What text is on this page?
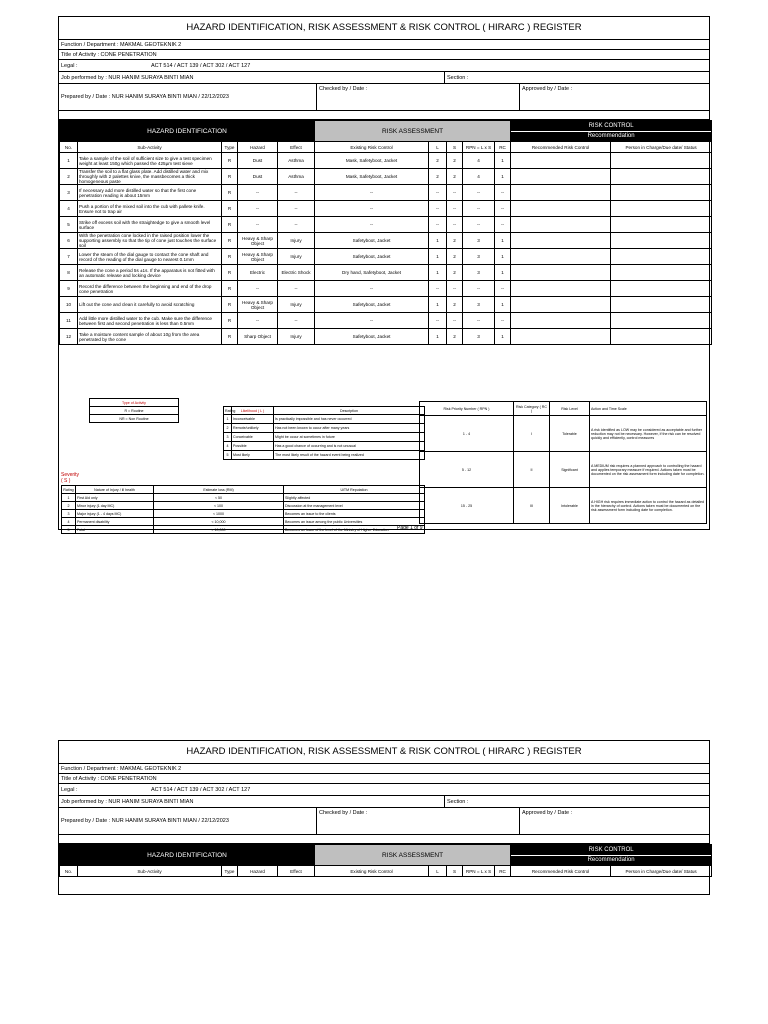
HAZARD IDENTIFICATION, RISK ASSESSMENT & RISK CONTROL ( HIRARC ) REGISTER
Function / Department : MAKMAL GEOTEKNIK 2
Title of Activity : CONE PENETRATION
Legal :	ACT 514 / ACT 139 / ACT 302 / ACT 127
Job performed by : NUR HANIM SURAYA BINTI MIAN	Section :
Prepared by / Date : NUR HANIM SURAYA BINTI MIAN / 22/12/2023
Checked by / Date :	Approved by / Date :
HAZARD IDENTIFICATION					RISK ASSESSMENT					RISK CONTROL
Recommendation	

No.	Sub-Activity	Type	Hazard	Effect	Existing Risk Control	L	S	RPN = L x S	RC	Recommended Risk Control	Person in Charge/Due date/ Status
1	Take a sample of the soil of sufficient size to give a test specimen weight at least 150g which passed the 425µm test sieve	R	Dust	Asthma	Mask, Safetyboot, Jacket	2	2	4	1		
2	Transfer the soil to a flat glass plate. Add distilled water and mix throughly with 2 palettes knive, the massbecomes a thick homogeneous paste	R	Dust	Asthma	Mask, Safetyboot, Jacket	2	2	4	1		
3	If necessary add more distilled water so that the first cone penetration reading is about 15mm	R	--	--	--	--	--	--	--		
4	Push a portion of the mixed soil into the cub with pallete knife. Ensure not to trap air	R	--	--	--	--	--	--	--		
5	Strike off excess soil with the straightedge to give a smooth level surface	R	--	--	--	--	--	--	--		
6	With the penetration cone locked in the raised position lower the supporting assembly so that the tip of cone just touches the surface soil	R	Heavy & Sharp Object	Injury	Safetyboot, Jacket	1	2	3	1		
7	Lower the steam of the dial gauge to contact the cone shaft and record of the reading of the dial gauge to nearest 0.1mm	R	Heavy & Sharp Object	Injury	Safetyboot, Jacket	1	2	3	1		
8	Release the cone a period 5s ±1s. If the apparatus is not fitted with an automatic release and locking device	R	Electric	Electric Shock	Dry hand, Safetyboot, Jacket	1	2	3	1		
9	Record the difference between the beginning and end of the drop cone penetration	R	--	--	--	--	--	--	--		
10	Lift out the cone and clean it carefully to avoid scratching	R	Heavy & Sharp Object	Injury	Safetyboot, Jacket	1	2	3	1		
11	Add little more distilled water to the cub. Make sure the difference between first and second penetration is less than 0.5mm	R	--	--	--	--	--	--	--		
12	Take a moisture content sample of about 10g from the area penetrated by the cone	R	Sharp Object	Injury	Safetyboot, Jacket	1	2	3	1		
Type of Activity
R = Routine
NR = Non Routine
Rating	Likelihood ( L )	Description
1	Inconceivable	Is practically impossible and has never occurred
2	Remote/unlikely	Has not been known to occur after many years
3	Conceivable	Might be occur at sometimes in future
4	Possible	Has a good chance of occurring and is not unusual
5	Most likely	The most likely result of the hazard event being realized
Severity ( S )
Rating	Nature of Injury / ill health	Estimate loss (RM)	UiTM Reputation
1	First Aid only	< 50	Slightly affected
2	Minor injury (1 day MC)	< 100	Discussion at the management level
3	Major injury (1 - 4 days MC)	< 1000	Becomes an issue to the clients
4	Permanent disability	< 10,000	Becomes an issue among the public Universities
5	Fatal	> 10,000	Becomes an issue of the level of the Ministry of Higher Education
Risk Priority Number ( RPN )	Risk Category ( RC )	Risk Level	Action and Time Scale
1 - 4	I	Tolerable	A risk identified as LOW may be considered as acceptable and further reduction may not be necessary. However, if the risk can be resolved quickly and efficiently, control measures
5 - 12	II	Significant	A MEDIUM risk requires a planned approach to controlling the hazard and applies temporary measure if required. Actions taken must be documented on the risk assessment form including date for completion.
15 - 25	III	Intolerable	A HIGH risk requires immediate action to control the hazard as detailed in the hierarchy of control. Actions taken must be documented on the risk assessment form including date for completion.
Page 1 of 9
HAZARD IDENTIFICATION, RISK ASSESSMENT & RISK CONTROL ( HIRARC ) REGISTER
Function / Department : MAKMAL GEOTEKNIK 2
Title of Activity : CONE PENETRATION
Legal :	ACT 514 / ACT 139 / ACT 302 / ACT 127
Job performed by : NUR HANIM SURAYA BINTI MIAN	Section :
Prepared by / Date : NUR HANIM SURAYA BINTI MIAN / 22/12/2023
Checked by / Date :	Approved by / Date :
HAZARD IDENTIFICATION					RISK ASSESSMENT					RISK CONTROL
Recommendation	

No.	Sub-Activity	Type	Hazard	Effect	Existing Risk Control	L	S	RPN = L x S	RC	Recommended Risk Control	Person in Charge/Due date/ Status
